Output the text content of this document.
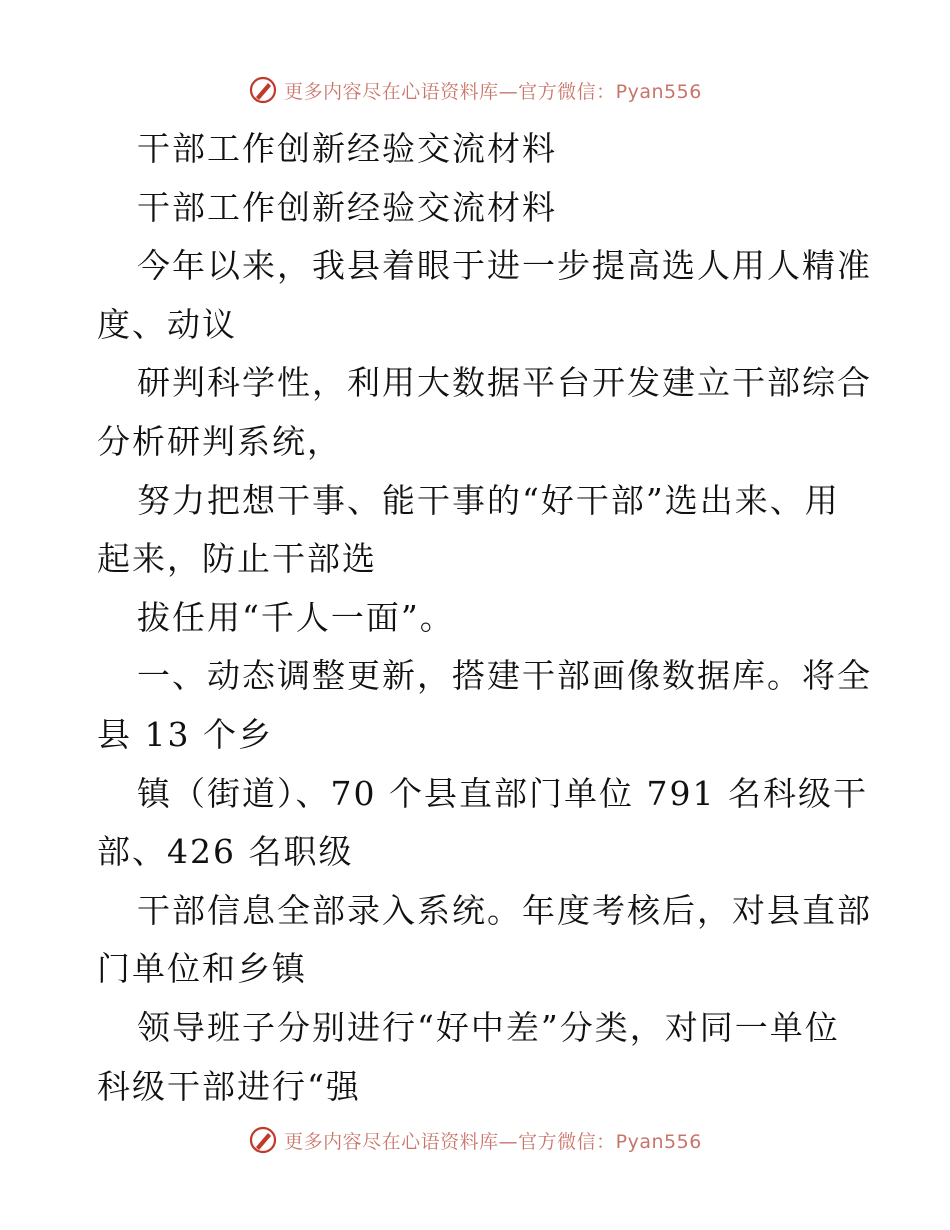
更多内容尽在心语资料库—官方微信：Pyan556
干部工作创新经验交流材料
干部工作创新经验交流材料
今年以来，我县着眼于进一步提高选人用人精准
度、动议
研判科学性，利用大数据平台开发建立干部综合
分析研判系统，
努力把想干事、能干事的“好干部”选出来、用
起来，防止干部选
拔任用“千人一面”。
一、动态调整更新，搭建干部画像数据库。将全
县 13 个乡
镇（街道）、70 个县直部门单位 791 名科级干
部、426 名职级
干部信息全部录入系统。年度考核后，对县直部
门单位和乡镇
领导班子分别进行“好中差”分类，对同一单位
科级干部进行“强
更多内容尽在心语资料库—官方微信：Pyan556
